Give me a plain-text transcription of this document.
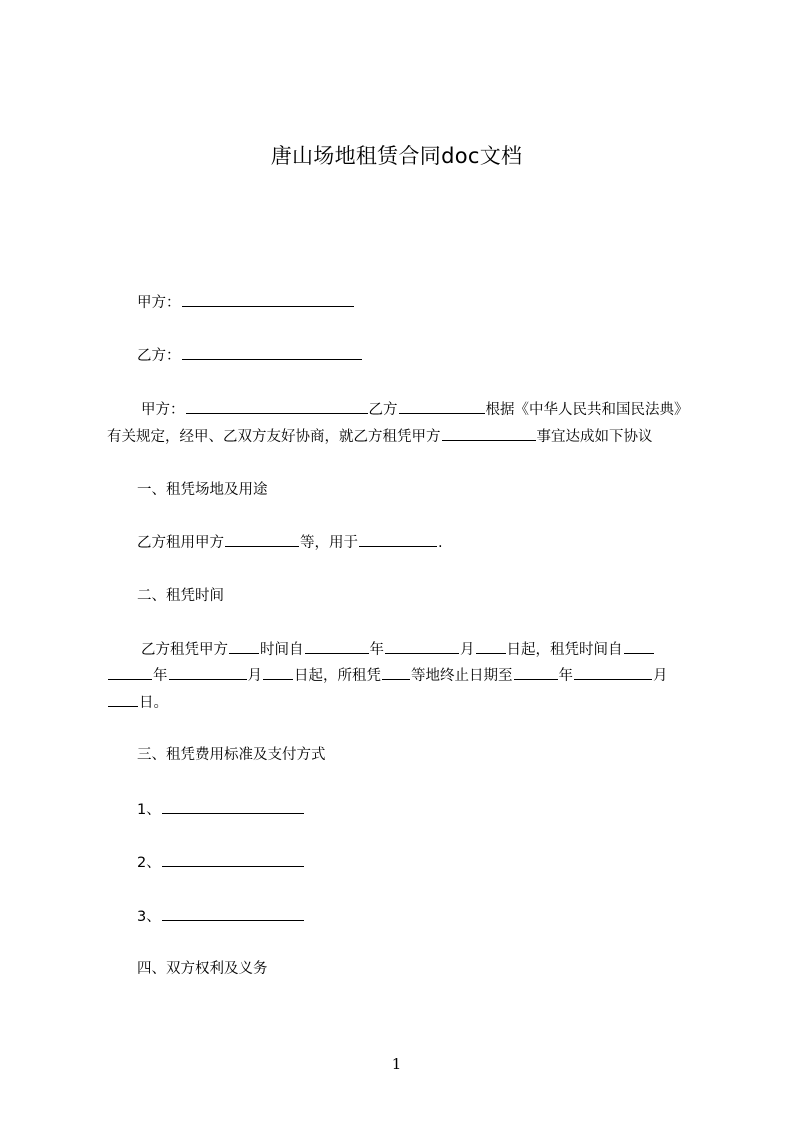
唐山场地租赁合同doc文档
甲方：
乙方：
甲方：	乙方	根据《中华人民共和国民法典》
有关规定，经甲、乙双方友好协商，就乙方租凭甲方	事宜达成如下协议
一、租凭场地及用途
乙方租用甲方	等，用于	.
二、租凭时间
乙方租凭甲方 时间自	年	月 日起，租凭时间自
年	月 日起，所租凭 等地终止日期至	年	月
日。
三、租凭费用标准及支付方式
1、
2、
3、
四、双方权利及义务
1
